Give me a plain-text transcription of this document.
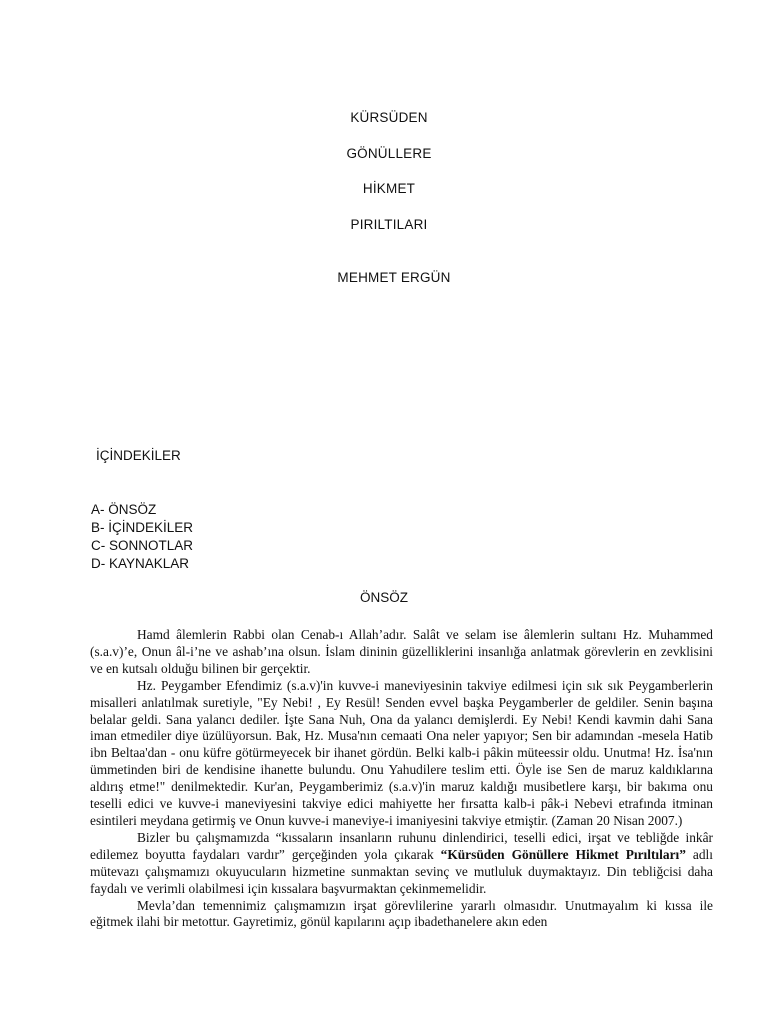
KÜRSÜDEN

GÖNÜLLERE

HİKMET

PIRILTILARI

MEHMET ERGÜN

İÇİNDEKİLER

A- ÖNSÖZ
B- İÇİNDEKİLER
C- SONNOTLAR
D- KAYNAKLAR

ÖNSÖZ

Hamd âlemlerin Rabbi olan Cenab-ı Allah’adır. Salât ve selam ise âlemlerin sultanı Hz. Muhammed (s.a.v)’e, Onun âl-i’ne ve ashab’ına olsun. İslam dininin güzelliklerini insanlığa anlatmak görevlerin en zevklisini ve en kutsalı olduğu bilinen bir gerçektir.

Hz. Peygamber Efendimiz (s.a.v)'in kuvve-i maneviyesinin takviye edilmesi için sık sık Peygamberlerin misalleri anlatılmak suretiyle, "Ey Nebi! , Ey Resül! Senden evvel başka Peygamberler de geldiler. Senin başına belalar geldi. Sana yalancı dediler. İşte Sana Nuh, Ona da yalancı demişlerdi. Ey Nebi! Kendi kavmin dahi Sana iman etmediler diye üzülüyorsun. Bak, Hz. Musa'nın cemaati Ona neler yapıyor; Sen bir adamından -mesela Hatib ibn Beltaa'dan - onu küfre götürmeyecek bir ihanet gördün. Belki kalb-i pâkin müteessir oldu. Unutma! Hz. İsa'nın ümmetinden biri de kendisine ihanette bulundu. Onu Yahudilere teslim etti. Öyle ise Sen de maruz kaldıklarına aldırış etme!" denilmektedir. Kur'an, Peygamberimiz (s.a.v)'in maruz kaldığı musibetlere karşı, bir bakıma onu teselli edici ve kuvve-i maneviyesini takviye edici mahiyette her fırsatta kalb-i pâk-i Nebevi etrafında itminan esintileri meydana getirmiş ve Onun kuvve-i maneviye-i imaniyesini takviye etmiştir. (Zaman 20 Nisan 2007.)

Bizler bu çalışmamızda “kıssaların insanların ruhunu dinlendirici, teselli edici, irşat ve tebliğde inkâr edilemez boyutta faydaları vardır” gerçeğinden yola çıkarak “Kürsüden Gönüllere Hikmet Pırıltıları” adlı mütevazı çalışmamızı okuyucuların hizmetine sunmaktan sevinç ve mutluluk duymaktayız. Din tebliğcisi daha faydalı ve verimli olabilmesi için kıssalara başvurmaktan çekinmemelidir.

Mevla’dan temennimiz çalışmamızın irşat görevlilerine yararlı olmasıdır. Unutmayalım ki kıssa ile eğitmek ilahi bir metottur. Gayretimiz, gönül kapılarını açıp ibadethanelere akın eden
